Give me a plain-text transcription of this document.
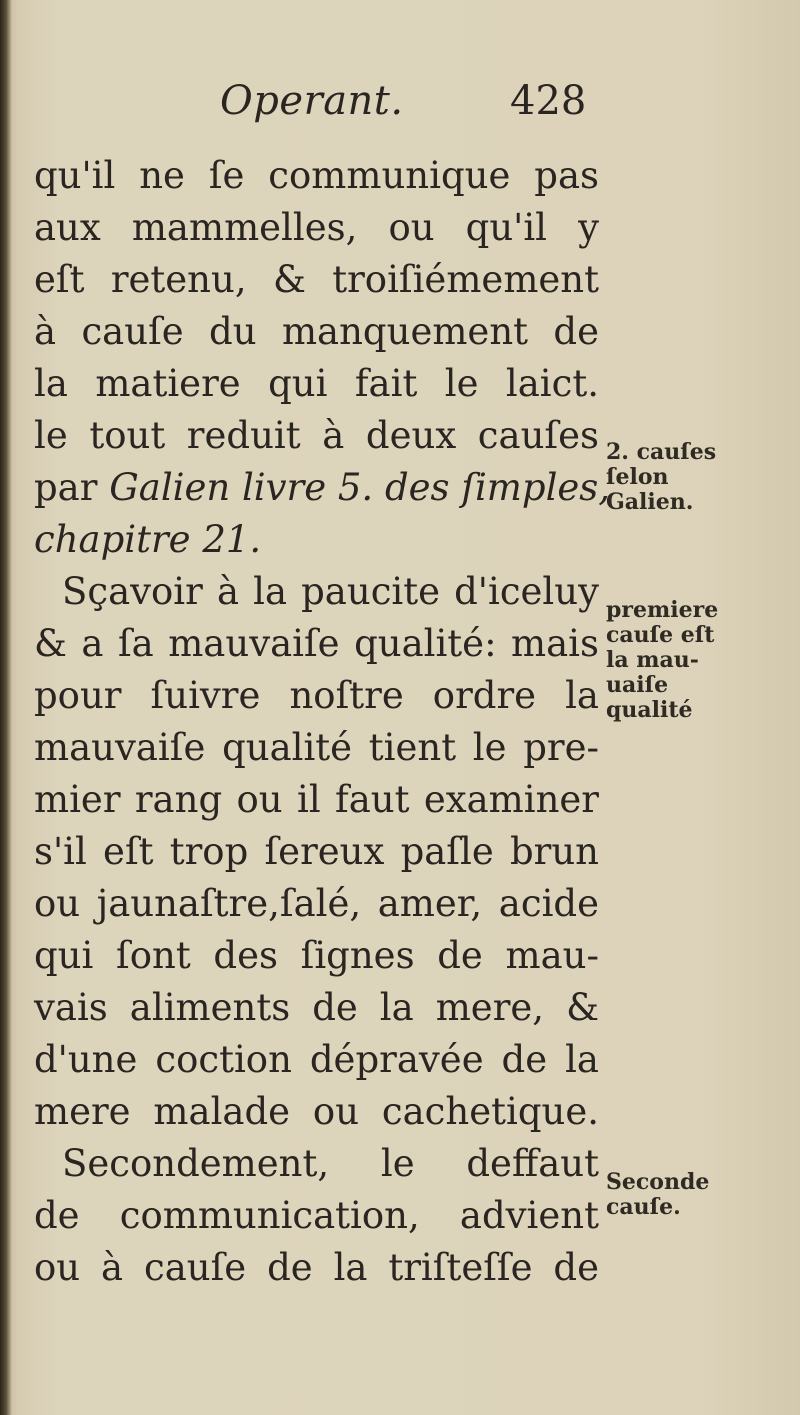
Operant.	428
qu'il ne ſe communique pas
aux mammelles, ou qu'il y
eſt retenu, & troiſiémement
à cauſe du manquement de
la matiere qui fait le laict.
le tout reduit à deux cauſes
par Galien livre 5. des ſimples,
chapitre 21.
Sçavoir à la paucite d'iceluy
& a ſa mauvaiſe qualité: mais
pour ſuivre noſtre ordre la
mauvaiſe qualité tient le pre-
mier rang ou il faut examiner
s'il eſt trop ſereux paſle brun
ou jaunaſtre,ſalé, amer, acide
qui ſont des ſignes de mau-
vais aliments de la mere, &
d'une coction dépravée de la
mere malade ou cachetique.
Secondement, le deffaut
de communication, advient
ou à cauſe de la triſteſſe de
2. cauſes
ſelon
Galien.
premiere
cauſe eſt
la mau-
uaiſe
qualité
Seconde
cauſe.
